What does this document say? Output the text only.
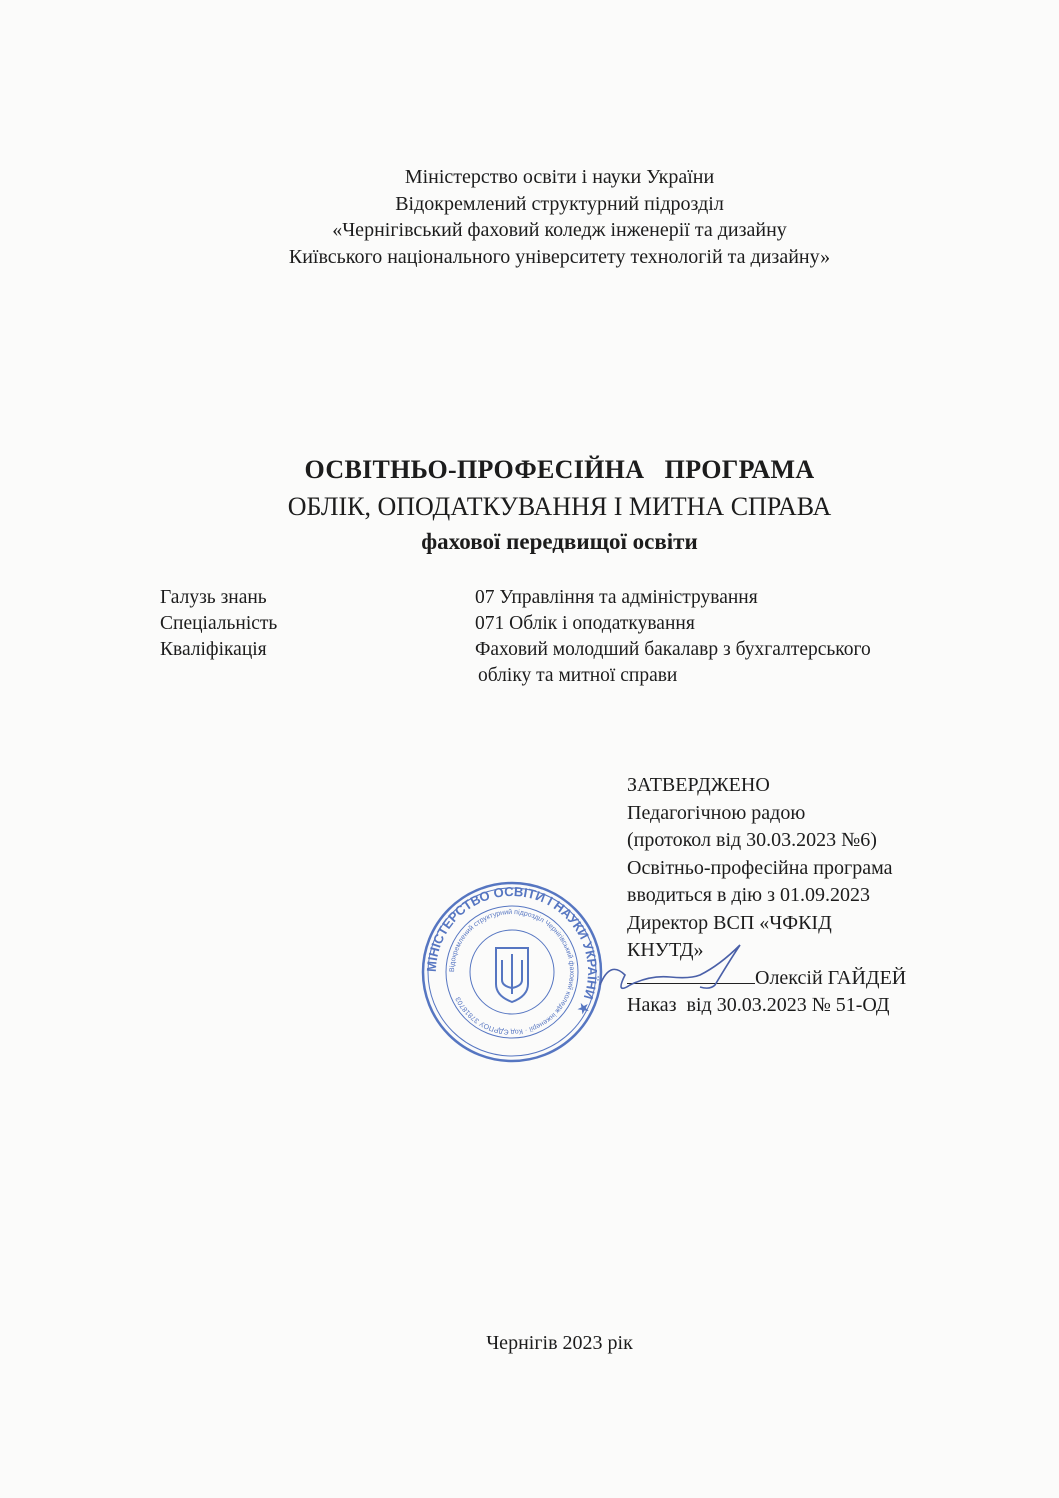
Міністерство освіти і науки України
Відокремлений структурний підрозділ
«Чернігівський фаховий коледж інженерії та дизайну
Київського національного університету технологій та дизайну»
ОСВІТНЬО-ПРОФЕСІЙНА   ПРОГРАМА
ОБЛІК, ОПОДАТКУВАННЯ І МИТНА СПРАВА
фахової передвищої освіти
Галузь знань	07 Управління та адміністрування
Спеціальність	071 Облік і оподаткування
Кваліфікація	Фаховий молодший бакалавр з бухгалтерського
обліку та митної справи
МІНІСТЕРСТВО ОСВІТИ І НАУКИ УКРАЇНИ ★
Відокремлений структурний підрозділ Чернігівський фаховий коледж інженерії · Код ЄДРПОУ 37818703
ЗАТВЕРДЖЕНО
Педагогічною радою
(протокол від 30.03.2023 №6)
Освітньо-професійна програма
вводиться в дію з 01.09.2023
Директор ВСП «ЧФКІД
КНУТД»
Олексій ГАЙДЕЙ
Наказ  від 30.03.2023 № 51-ОД
Чернігів 2023 рік
